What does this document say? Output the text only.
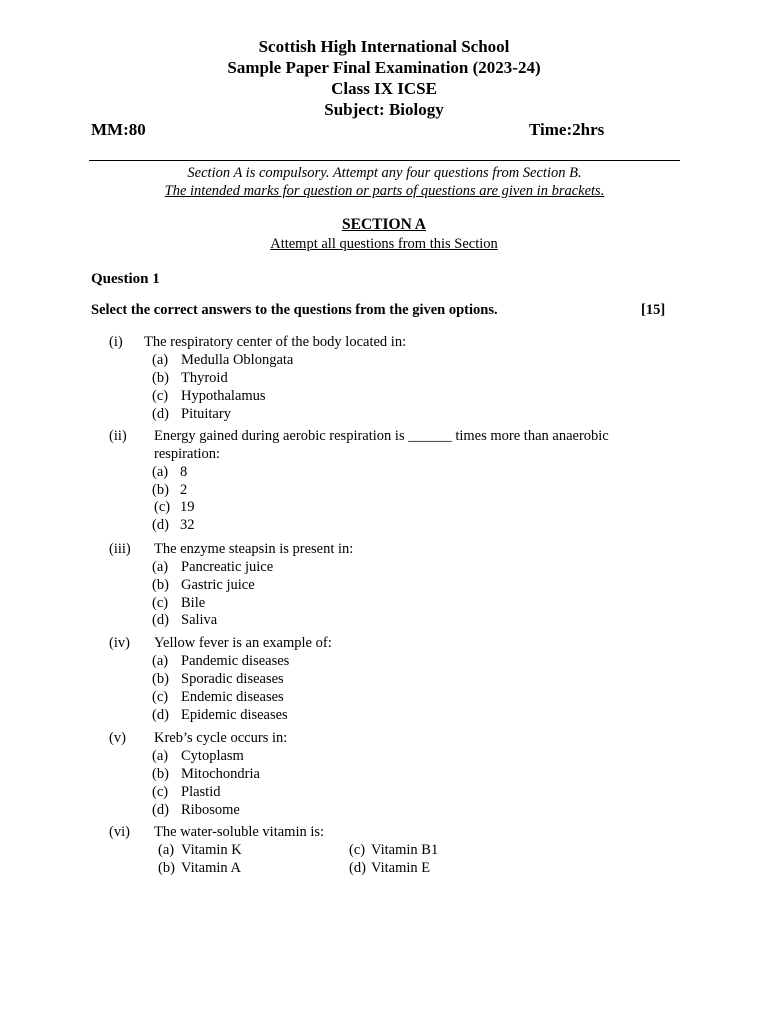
Scottish High International School
Sample Paper Final Examination (2023-24)
Class IX ICSE
Subject: Biology
MM:80	Time:2hrs
Section A is compulsory. Attempt any four questions from Section B.
The intended marks for question or parts of questions are given in brackets.
SECTION A
Attempt all questions from this Section
Question 1
Select the correct answers to the questions from the given options.	[15]
(i) The respiratory center of the body located in:
(a) Medulla Oblongata
(b) Thyroid
(c) Hypothalamus
(d) Pituitary
(ii) Energy gained during aerobic respiration is ______ times more than anaerobic
respiration:
(a) 8
(b) 2
(c) 19
(d) 32
(iii) The enzyme steapsin is present in:
(a) Pancreatic juice
(b) Gastric juice
(c) Bile
(d) Saliva
(iv) Yellow fever is an example of:
(a) Pandemic diseases
(b) Sporadic diseases
(c) Endemic diseases
(d) Epidemic diseases
(v) Kreb’s cycle occurs in:
(a) Cytoplasm
(b) Mitochondria
(c) Plastid
(d) Ribosome
(vi) The water-soluble vitamin is:
(a) Vitamin K
(b) Vitamin A
(c) Vitamin B1
(d) Vitamin E
